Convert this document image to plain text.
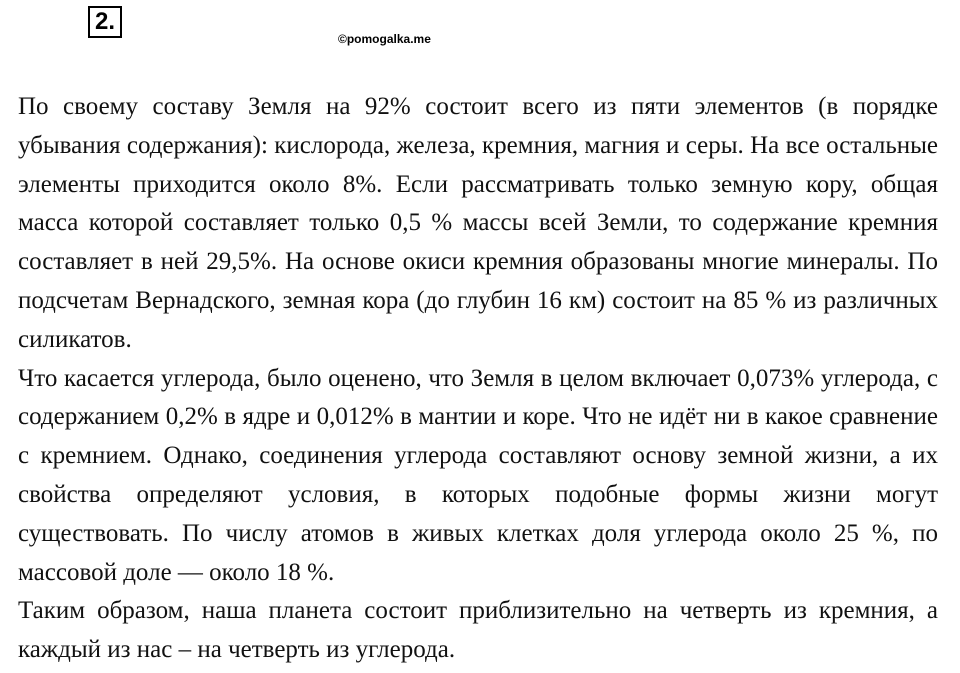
2.
©pomogalka.me

По своему составу Земля на 92% состоит всего из пяти элементов (в порядке убывания содержания): кислорода, железа, кремния, магния и серы. На все остальные элементы приходится около 8%. Если рассматривать только земную кору, общая масса которой составляет только 0,5 % массы всей Земли, то содержание кремния составляет в ней 29,5%. На основе окиси кремния образованы многие минералы. По подсчетам Вернадского, земная кора (до глубин 16 км) состоит на 85 % из различных силикатов.

Что касается углерода, было оценено, что Земля в целом включает 0,073% углерода, с содержанием 0,2% в ядре и 0,012% в мантии и коре. Что не идёт ни в какое сравнение с кремнием. Однако, соединения углерода составляют основу земной жизни, а их свойства определяют условия, в которых подобные формы жизни могут существовать. По числу атомов в живых клетках доля углерода около 25 %, по массовой доле — около 18 %.

Таким образом, наша планета состоит приблизительно на четверть из кремния, а каждый из нас – на четверть из углерода.
